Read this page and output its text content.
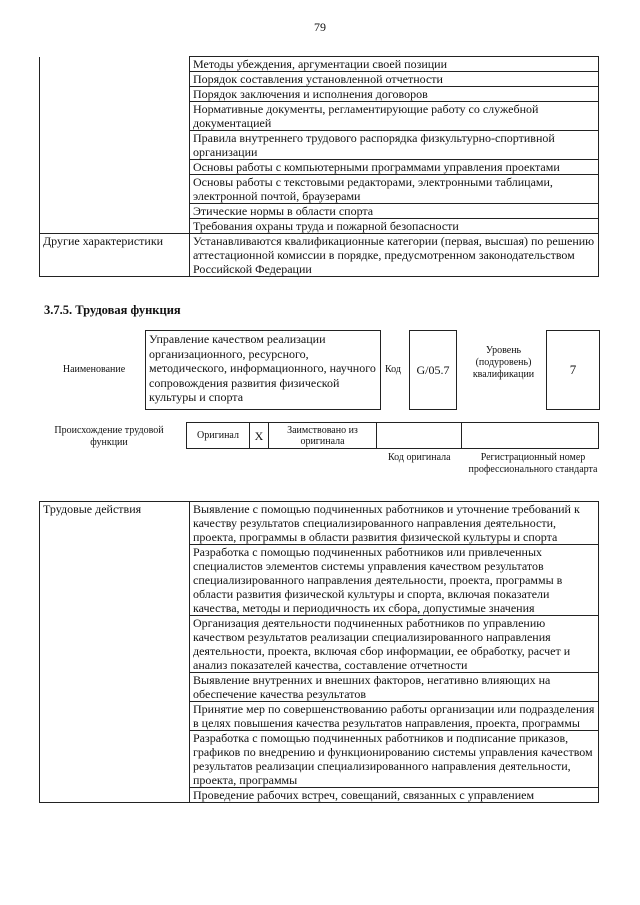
79
	Методы убеждения, аргументации своей позиции
	Порядок составления установленной отчетности
	Порядок заключения и исполнения договоров
	Нормативные документы, регламентирующие работу со служебной документацией
	Правила внутреннего трудового распорядка физкультурно-спортивной организации
	Основы работы с компьютерными программами управления проектами
	Основы работы с текстовыми редакторами, электронными таблицами, электронной почтой, браузерами
	Этические нормы в области спорта
	Требования охраны труда и пожарной безопасности
Другие характеристики	Устанавливаются квалификационные категории (первая, высшая) по решению аттестационной комиссии в порядке, предусмотренном законодательством Российской Федерации
3.7.5. Трудовая функция
Наименование
Управление качеством реализации организационного, ресурсного, методического, информационного, научного сопровождения развития физической культуры и спорта
Код	G/05.7
Уровень (подуровень) квалификации	7
Происхождение трудовой функции
Оригинал	X	Заимствовано из оригинала		
Код оригинала	Регистрационный номер профессионального стандарта
Трудовые действия	Выявление с помощью подчиненных работников и уточнение требований к качеству результатов специализированного направления деятельности, проекта, программы в области развития физической культуры и спорта
Разработка с помощью подчиненных работников или привлеченных специалистов элементов системы управления качеством результатов специализированного направления деятельности, проекта, программы в области развития физической культуры и спорта, включая показатели качества, методы и периодичность их сбора, допустимые значения
Организация деятельности подчиненных работников по управлению качеством результатов реализации специализированного направления деятельности, проекта, включая сбор информации, ее обработку, расчет и анализ показателей качества, составление отчетности
Выявление внутренних и внешних факторов, негативно влияющих на обеспечение качества результатов
Принятие мер по совершенствованию работы организации или подразделения в целях повышения качества результатов направления, проекта, программы
Разработка с помощью подчиненных работников и подписание приказов, графиков по внедрению и функционированию системы управления качеством результатов реализации специализированного направления деятельности, проекта, программы
Проведение рабочих встреч, совещаний, связанных с управлением
